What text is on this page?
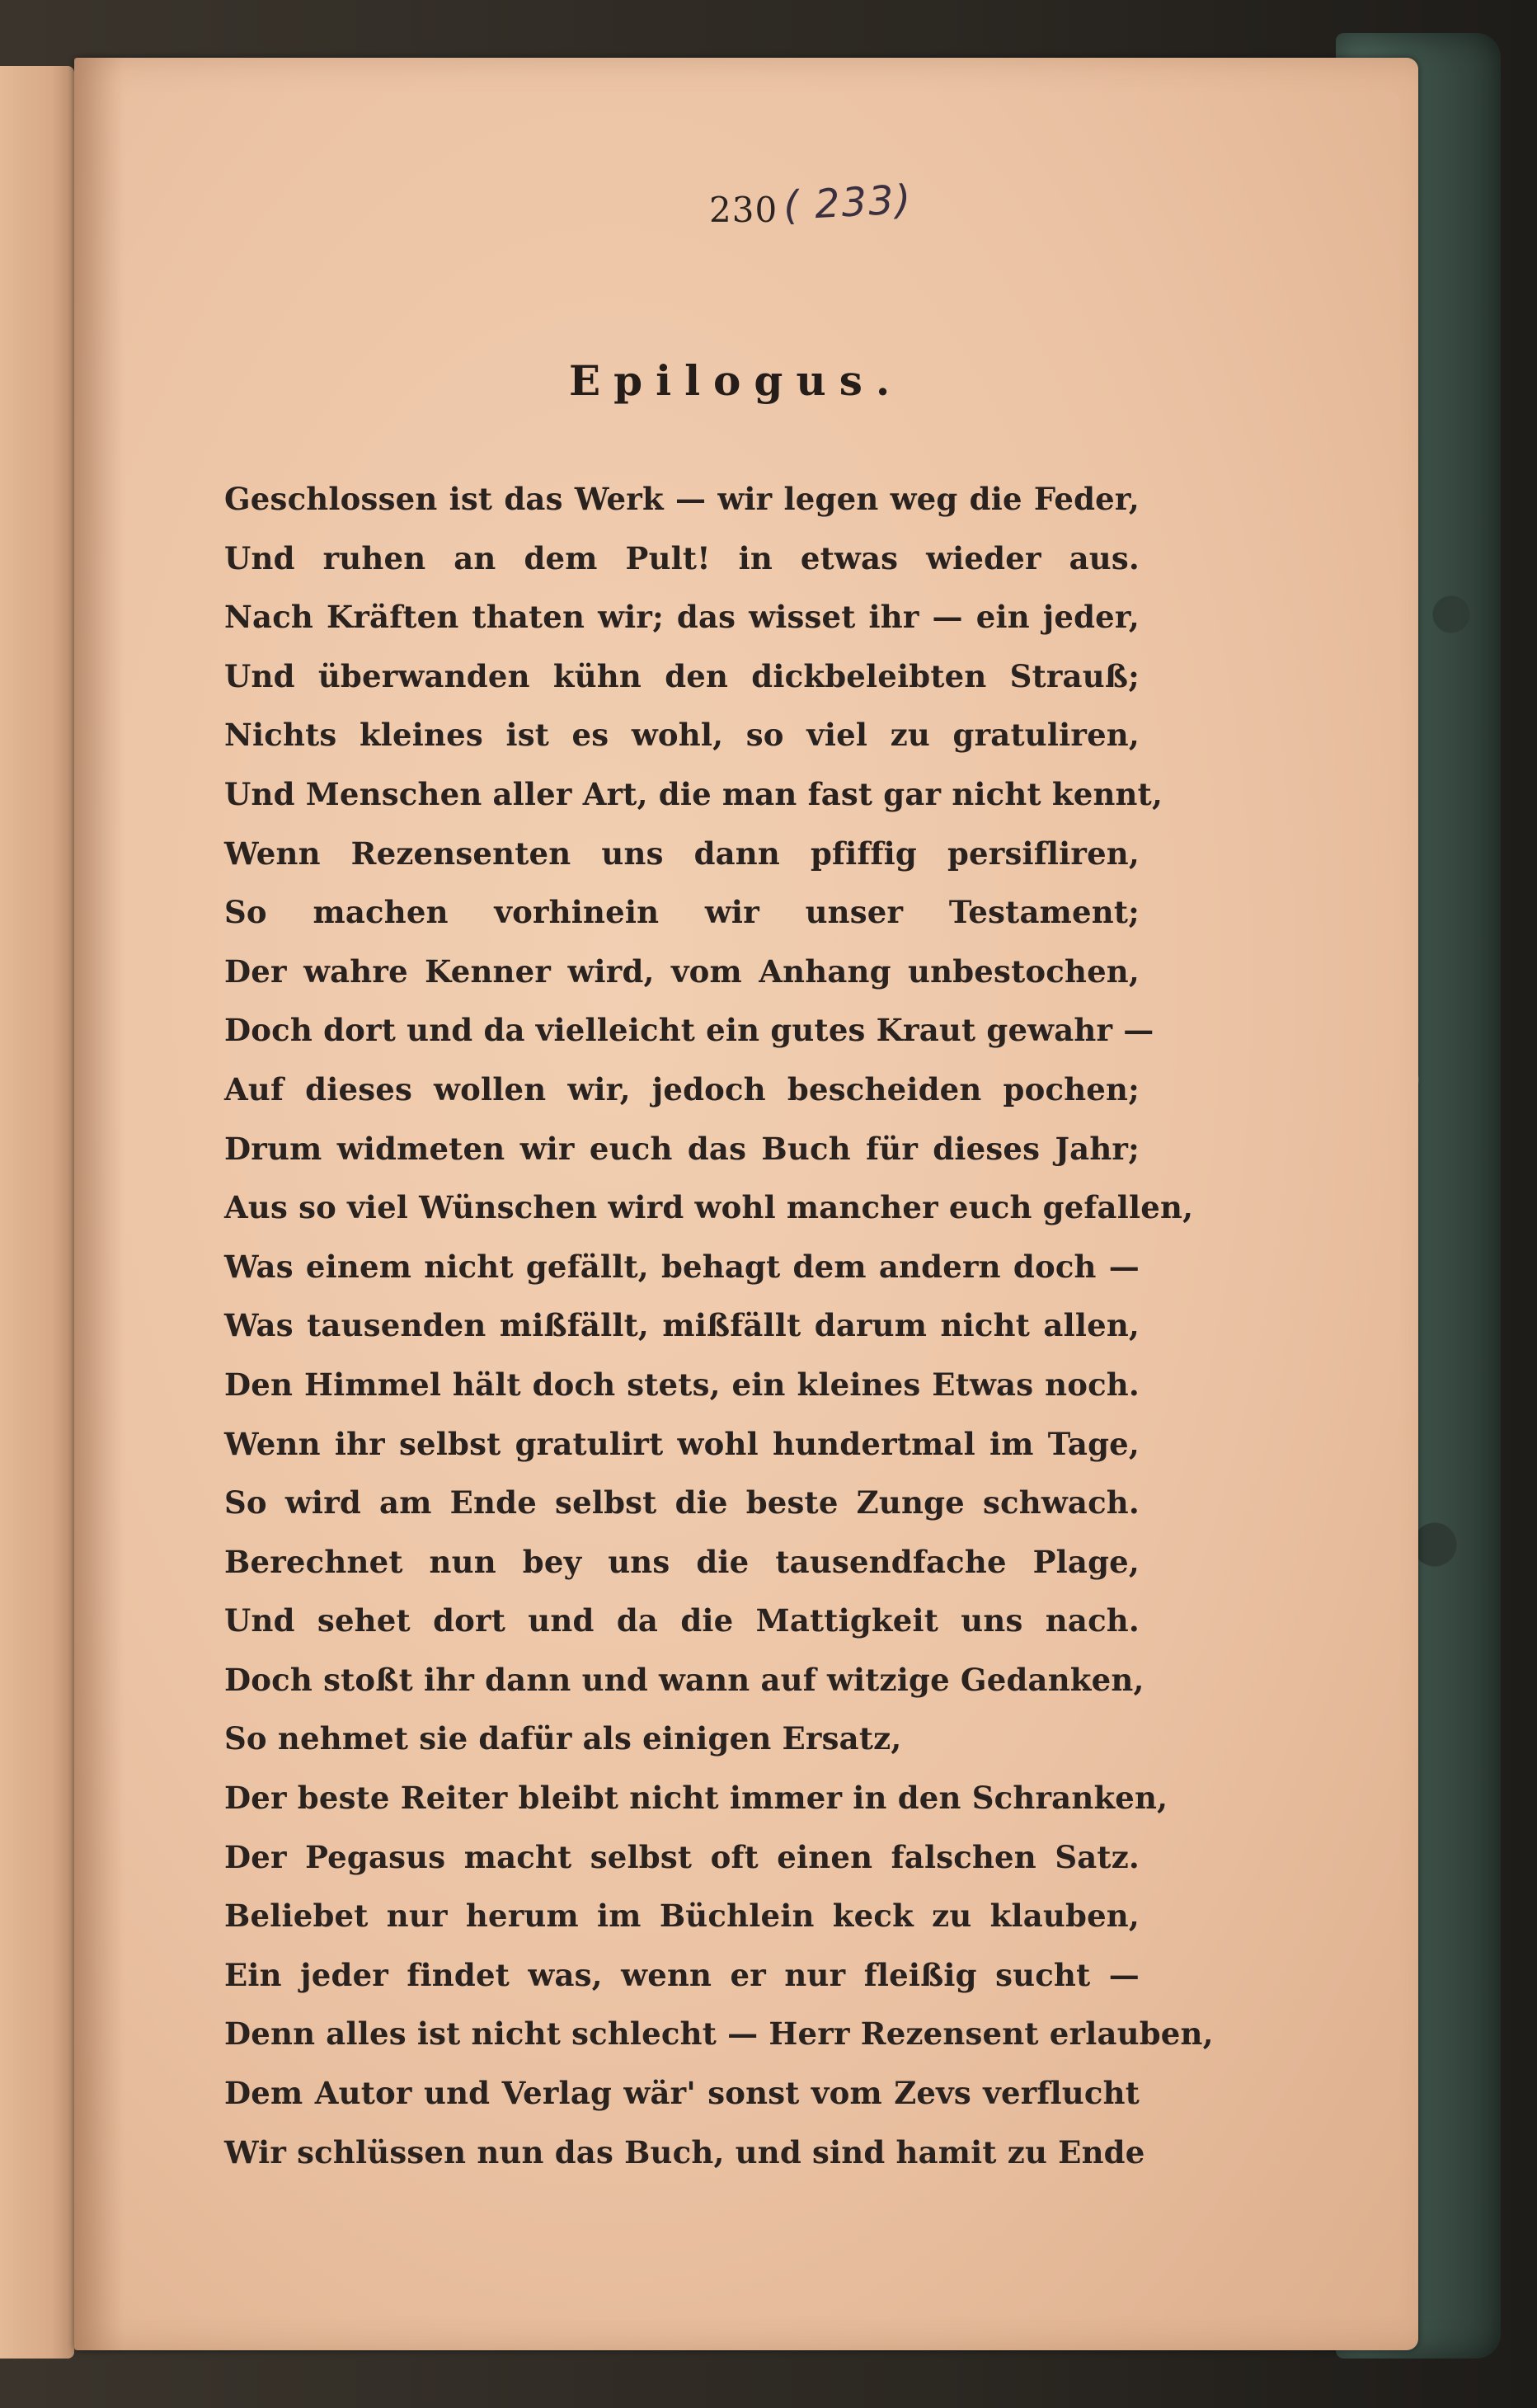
230 ( 233)
Epilogus.
Geschlossen ist das Werk — wir legen weg die Feder,
Und ruhen an dem Pult! in etwas wieder aus.
Nach Kräften thaten wir; das wisset ihr — ein jeder,
Und überwanden kühn den dickbeleibten Strauß;
Nichts kleines ist es wohl, so viel zu gratuliren,
Und Menschen aller Art, die man fast gar nicht kennt,
Wenn Rezensenten uns dann pfiffig persifliren,
So machen vorhinein wir unser Testament;
Der wahre Kenner wird, vom Anhang unbestochen,
Doch dort und da vielleicht ein gutes Kraut gewahr —
Auf dieses wollen wir, jedoch bescheiden pochen;
Drum widmeten wir euch das Buch für dieses Jahr;
Aus so viel Wünschen wird wohl mancher euch gefallen,
Was einem nicht gefällt, behagt dem andern doch —
Was tausenden mißfällt, mißfällt darum nicht allen,
Den Himmel hält doch stets, ein kleines Etwas noch.
Wenn ihr selbst gratulirt wohl hundertmal im Tage,
So wird am Ende selbst die beste Zunge schwach.
Berechnet nun bey uns die tausendfache Plage,
Und sehet dort und da die Mattigkeit uns nach.
Doch stoßt ihr dann und wann auf witzige Gedanken,
So nehmet sie dafür als einigen Ersatz,
Der beste Reiter bleibt nicht immer in den Schranken,
Der Pegasus macht selbst oft einen falschen Satz.
Beliebet nur herum im Büchlein keck zu klauben,
Ein jeder findet was, wenn er nur fleißig sucht —
Denn alles ist nicht schlecht — Herr Rezensent erlauben,
Dem Autor und Verlag wär' sonst vom Zevs verflucht
Wir schlüssen nun das Buch, und sind hamit zu Ende
